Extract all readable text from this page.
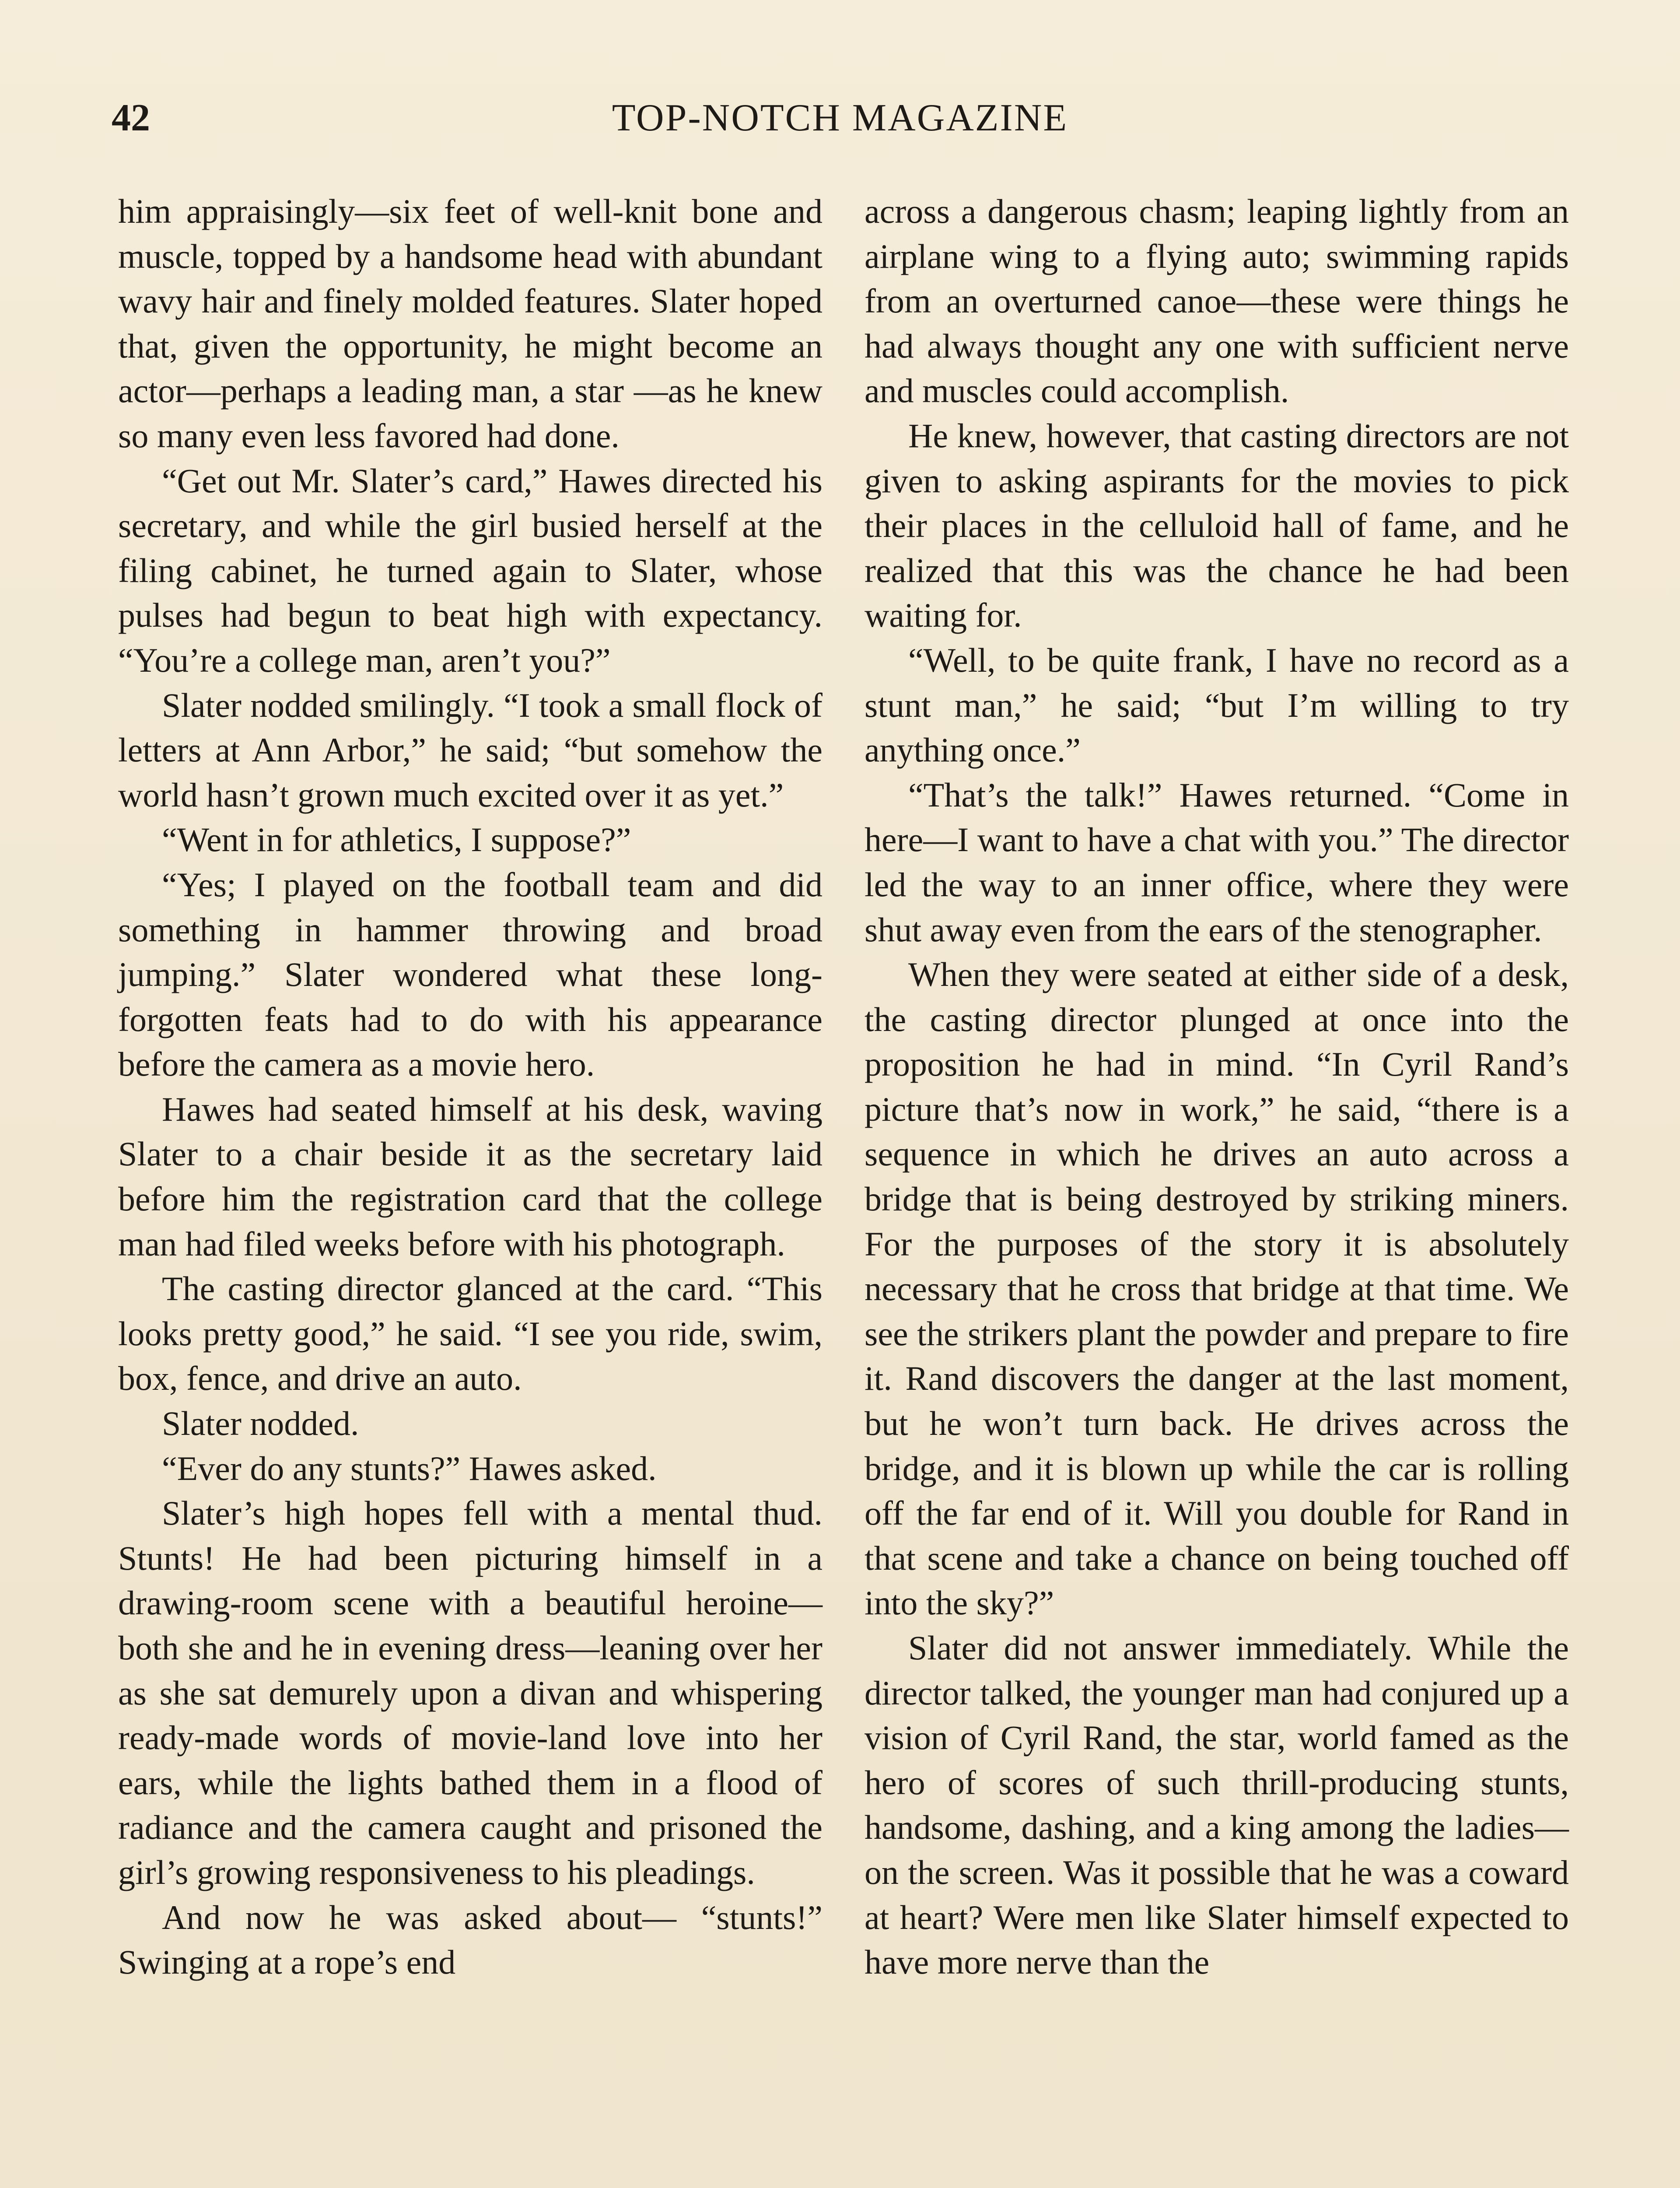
42	TOP-NOTCH MAGAZINE

him appraisingly—six feet of well-knit bone and muscle, topped by a handsome head with abundant wavy hair and finely molded features. Slater hoped that, given the opportunity, he might become an actor—perhaps a leading man, a star —as he knew so many even less favored had done.

“Get out Mr. Slater’s card,” Hawes directed his secretary, and while the girl busied herself at the filing cabinet, he turned again to Slater, whose pulses had begun to beat high with expectancy. “You’re a college man, aren’t you?”

Slater nodded smilingly. “I took a small flock of letters at Ann Arbor,” he said; “but somehow the world hasn’t grown much excited over it as yet.”

“Went in for athletics, I suppose?”

“Yes; I played on the football team and did something in hammer throwing and broad jumping.” Slater wondered what these long-forgotten feats had to do with his appearance before the camera as a movie hero.

Hawes had seated himself at his desk, waving Slater to a chair beside it as the secretary laid before him the registration card that the college man had filed weeks before with his photograph.

The casting director glanced at the card. “This looks pretty good,” he said. “I see you ride, swim, box, fence, and drive an auto.

Slater nodded.

“Ever do any stunts?” Hawes asked.

Slater’s high hopes fell with a mental thud. Stunts! He had been picturing himself in a drawing-room scene with a beautiful heroine—both she and he in evening dress—leaning over her as she sat demurely upon a divan and whispering ready-made words of movie-land love into her ears, while the lights bathed them in a flood of radiance and the camera caught and prisoned the girl’s growing responsiveness to his pleadings.

And now he was asked about— “stunts!” Swinging at a rope’s end

across a dangerous chasm; leaping lightly from an airplane wing to a flying auto; swimming rapids from an overturned canoe—these were things he had always thought any one with sufficient nerve and muscles could accomplish.

He knew, however, that casting directors are not given to asking aspirants for the movies to pick their places in the celluloid hall of fame, and he realized that this was the chance he had been waiting for.

“Well, to be quite frank, I have no record as a stunt man,” he said; “but I’m willing to try anything once.”

“That’s the talk!” Hawes returned. “Come in here—I want to have a chat with you.” The director led the way to an inner office, where they were shut away even from the ears of the stenographer.

When they were seated at either side of a desk, the casting director plunged at once into the proposition he had in mind. “In Cyril Rand’s picture that’s now in work,” he said, “there is a sequence in which he drives an auto across a bridge that is being destroyed by striking miners. For the purposes of the story it is absolutely necessary that he cross that bridge at that time. We see the strikers plant the powder and prepare to fire it. Rand discovers the danger at the last moment, but he won’t turn back. He drives across the bridge, and it is blown up while the car is rolling off the far end of it. Will you double for Rand in that scene and take a chance on being touched off into the sky?”

Slater did not answer immediately. While the director talked, the younger man had conjured up a vision of Cyril Rand, the star, world famed as the hero of scores of such thrill-producing stunts, handsome, dashing, and a king among the ladies—on the screen. Was it possible that he was a coward at heart? Were men like Slater himself expected to have more nerve than the
